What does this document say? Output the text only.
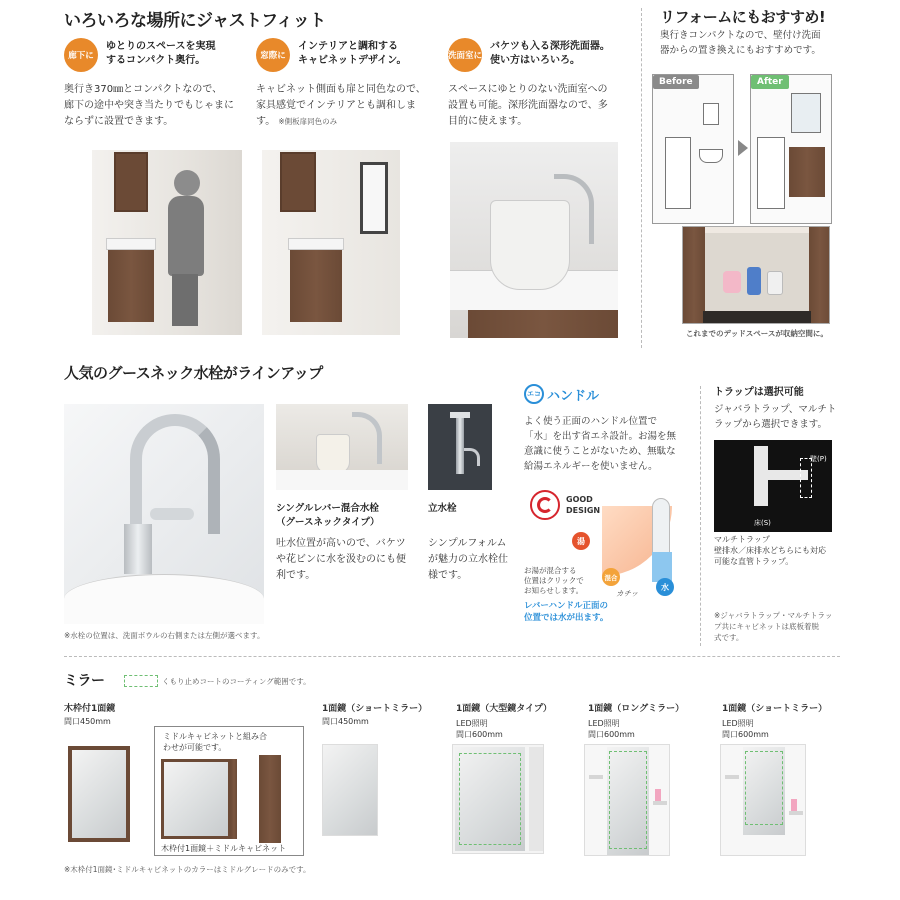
いろいろな場所にジャストフィット
廊下に
ゆとりのスペースを実現
するコンパクト奥行。
奥行き370㎜とコンパクトなので、
廊下の途中や突き当たりでもじゃまに
ならずに設置できます。
窓際に
インテリアと調和する
キャビネットデザイン。
キャビネット側面も扉と同色なので、
家具感覚でインテリアとも調和しま
す。 ※側板扉同色のみ
洗面室に
バケツも入る深形洗面器。
使い方はいろいろ。
スペースにゆとりのない洗面室への
設置も可能。深形洗面器なので、多
目的に使えます。
リフォームにもおすすめ!
奥行きコンパクトなので、壁付け洗面
器からの置き換えにもおすすめです。
Before	After
これまでのデッドスペースが収納空間に。
人気のグースネック水栓がラインアップ
※水栓の位置は、洗面ボウルの右側または左側が選べます。
シングルレバー混合水栓
（グースネックタイプ）
吐水位置が高いので、バケツ
や花ビンに水を汲むのにも便
利です。
立水栓
シンプルフォルム
が魅力の立水栓仕
様です。
エコ ハンドル
よく使う正面のハンドル位置で
「水」を出す省エネ設計。お湯を無
意識に使うことがないため、無駄な
給湯エネルギーを使いません。
GOOD
DESIGN
湯
混合
水
カチッ
お湯が混合する
位置はクリックで
お知らせします。
レバーハンドル正面の
位置では水が出ます。
トラップは選択可能
ジャバラトラップ、マルチト
ラップから選択できます。
壁(P)
床(S)
マルチトラップ
壁排水／床排水どちらにも対応
可能な直管トラップ。
※ジャバラトラップ・マルチトラッ
プ共にキャビネットは底板着脱
式です。
ミラー	くもり止めコートのコーティング範囲です。
木枠付1面鏡
間口450mm
ミドルキャビネットと組み合
わせが可能です。
木枠付1面鏡＋ミドルキャビネット
1面鏡（ショートミラー）
間口450mm
1面鏡（大型鏡タイプ）
LED照明
間口600mm
1面鏡（ロングミラー）
LED照明
間口600mm
1面鏡（ショートミラー）
LED照明
間口600mm
※木枠付1面鏡･ミドルキャビネットのカラーはミドルグレードのみです。
